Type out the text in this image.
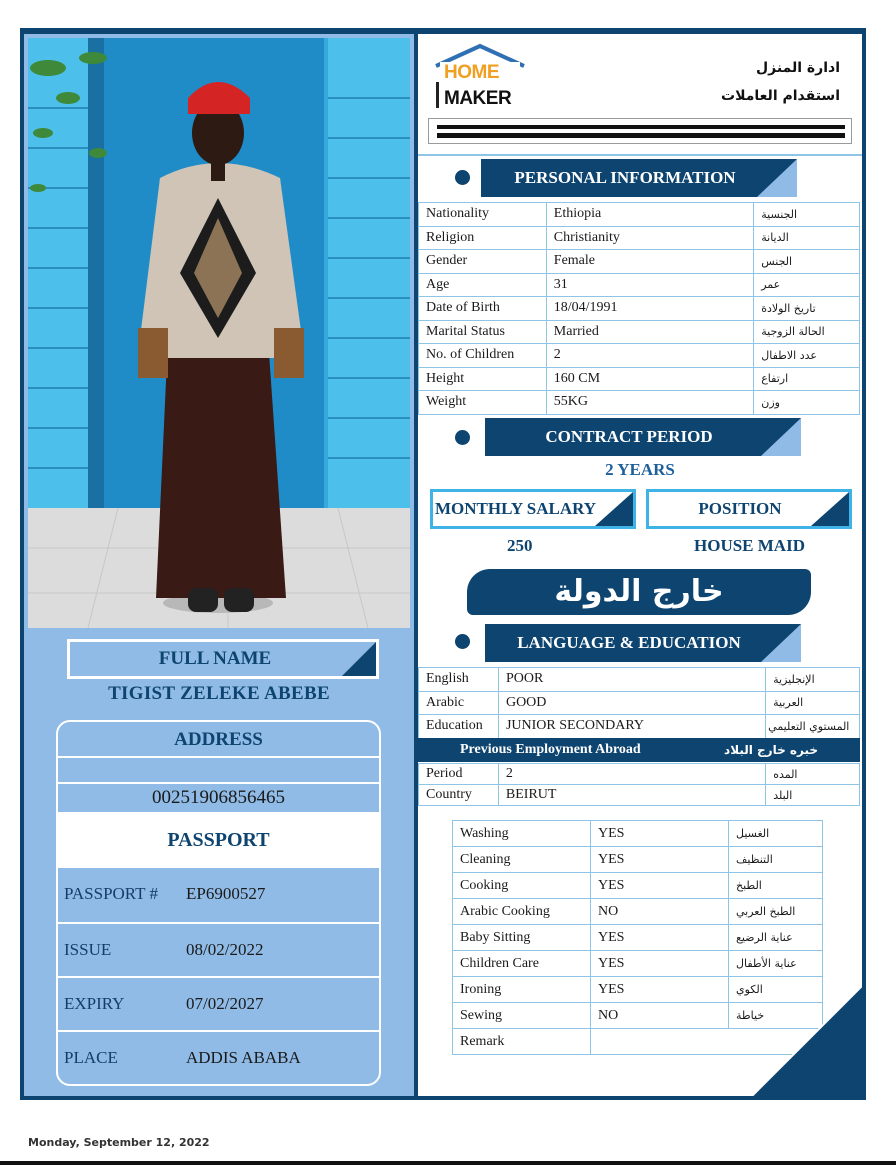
FULL NAME
TIGIST ZELEKE ABEBE
ADDRESS
00251906856465
PASSPORT
PASSPORT # EP6900527
ISSUE	08/02/2022
EXPIRY	07/02/2027
PLACE	ADDIS ABABA
HOME
MAKER
ادارة المنزل
استقدام العاملات
PERSONAL INFORMATION
Nationality	Ethiopia	الجنسية
Religion	Christianity	الديانة
Gender	Female	الجنس
Age	31	عمر
Date of Birth	18/04/1991	تاريخ الولادة
Marital Status	Married	الحالة الزوجية
No. of Children	2	عدد الاطفال
Height	160 CM	ارتفاع
Weight	55KG	وزن
CONTRACT PERIOD
2 YEARS
MONTHLY SALARY	POSITION
250	HOUSE MAID
خارج الدولة
LANGUAGE & EDUCATION
English	POOR	الإنجليزية
Arabic	GOOD	العربية
Education	JUNIOR SECONDARY	المستوي التعليمي
Previous Employment Abroad	خبره خارج البلاد
Period	2	المده
Country	BEIRUT	البلد
Washing	YES	الغسيل
Cleaning	YES	التنظيف
Cooking	YES	الطبخ
Arabic Cooking	NO	الطبخ العربي
Baby Sitting	YES	عناية الرضيع
Children Care	YES	عناية الأطفال
Ironing	YES	الكوي
Sewing	NO	خياطة
Remark		
Monday, September 12, 2022
